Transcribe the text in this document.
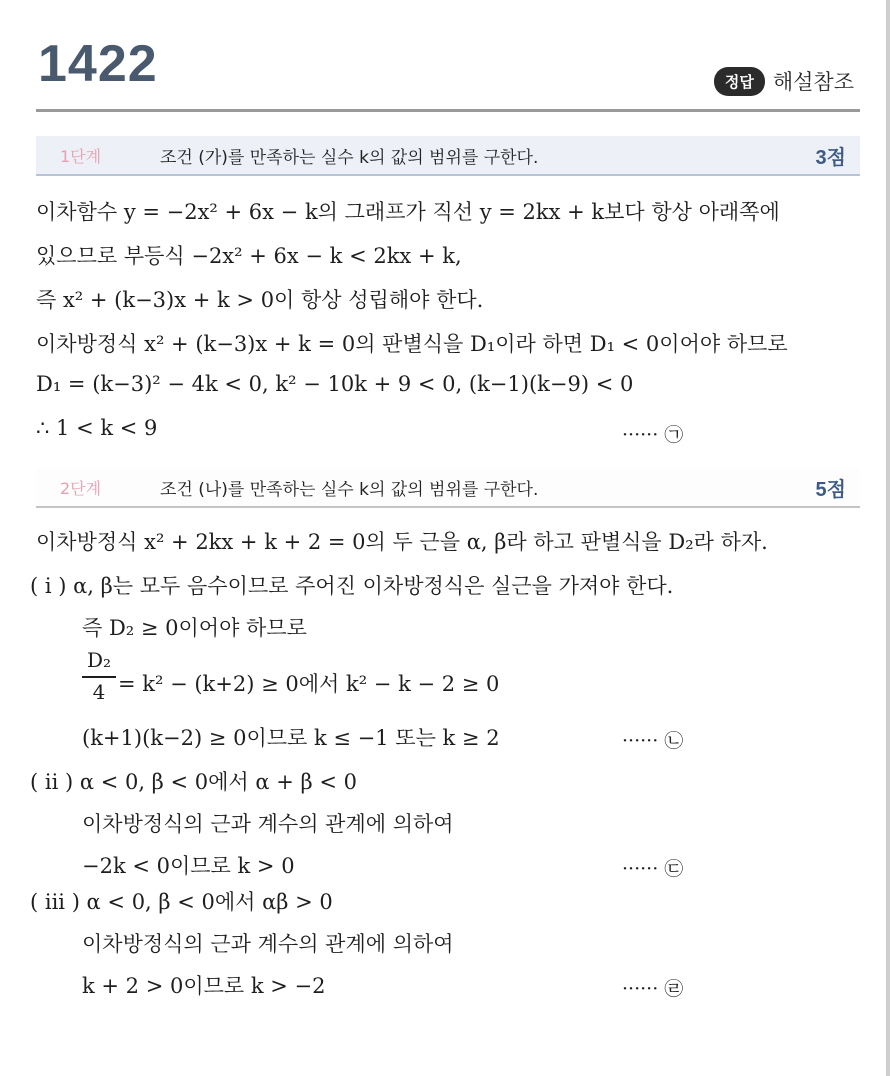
1422	정답 해설참조
1단계	조건 (가)를 만족하는 실수 k의 값의 범위를 구한다.	3점
이차함수 y = −2x² + 6x − k의 그래프가 직선 y = 2kx + k보다 항상 아래쪽에
있으므로 부등식 −2x² + 6x − k < 2kx + k,
즉 x² + (k−3)x + k > 0이 항상 성립해야 한다.
이차방정식 x² + (k−3)x + k = 0의 판별식을 D₁이라 하면 D₁ < 0이어야 하므로
D₁ = (k−3)² − 4k < 0, k² − 10k + 9 < 0, (k−1)(k−9) < 0
∴ 1 < k < 9	······ ㉠
2단계	조건 (나)를 만족하는 실수 k의 값의 범위를 구한다.	5점
이차방정식 x² + 2kx + k + 2 = 0의 두 근을 α, β라 하고 판별식을 D₂라 하자.
( i ) α, β는 모두 음수이므로 주어진 이차방정식은 실근을 가져야 한다.
즉 D₂ ≥ 0이어야 하므로
D₂
4 = k² − (k+2) ≥ 0에서 k² − k − 2 ≥ 0
(k+1)(k−2) ≥ 0이므로 k ≤ −1 또는 k ≥ 2	······ ㉡
( ii ) α < 0, β < 0에서 α + β < 0
이차방정식의 근과 계수의 관계에 의하여
−2k < 0이므로 k > 0	······ ㉢
( iii ) α < 0, β < 0에서 αβ > 0
이차방정식의 근과 계수의 관계에 의하여
k + 2 > 0이므로 k > −2	······ ㉣
